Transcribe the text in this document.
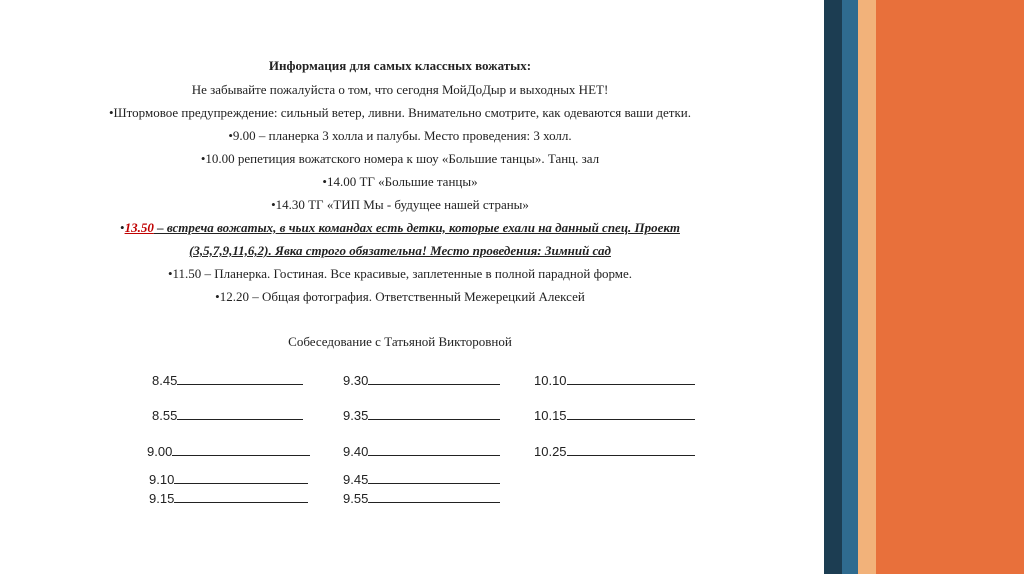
Информация для самых классных вожатых:
Не забывайте пожалуйста о том, что сегодня МойДоДыр и выходных НЕТ!
•Штормовое предупреждение: сильный ветер, ливни. Внимательно смотрите, как одеваются ваши детки.
•9.00 – планерка 3 холла и палубы. Место проведения: 3 холл.
•10.00 репетиция вожатского номера к шоу «Большие танцы». Танц. зал
•14.00 ТГ «Большие танцы»
•14.30 ТГ «ТИП Мы - будущее нашей страны»
•13.50 – встреча вожатых, в чьих командах есть детки, которые ехали на данный спец. Проект
(3,5,7,9,11,6,2). Явка строго обязательна! Место проведения: Зимний сад
•11.50 – Планерка. Гостиная. Все красивые, заплетенные в полной парадной форме.
•12.20 – Общая фотография. Ответственный Межерецкий Алексей
Собеседование с Татьяной Викторовной
8.45	9.30	10.10
8.55	9.35	10.15
9.00	9.40	10.25
9.10	9.45
9.15	9.55
